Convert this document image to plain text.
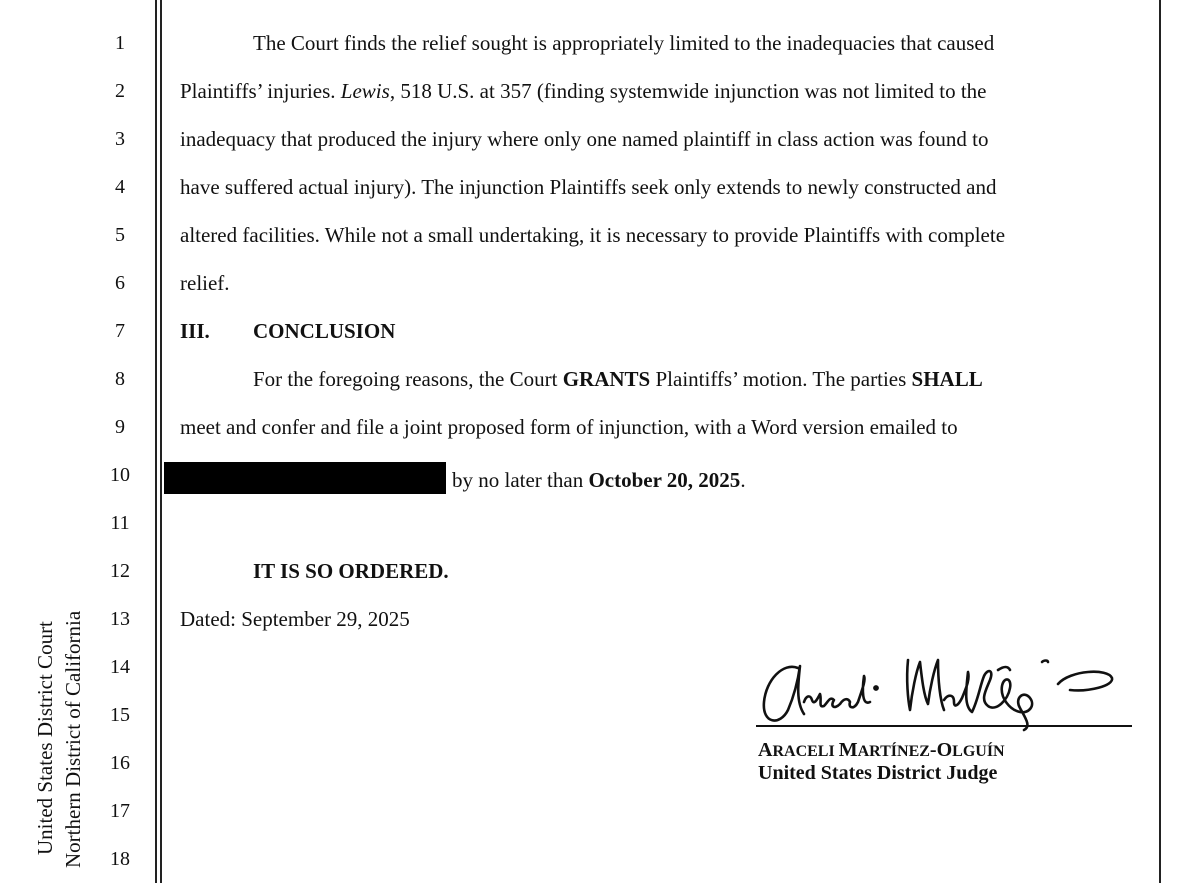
1
2
3
4
5
6
7
8
9
10
11
12
13
14
15
16
17
18
United States District Court Northern District of California
The Court finds the relief sought is appropriately limited to the inadequacies that caused
Plaintiffs’ injuries. Lewis, 518 U.S. at 357 (finding systemwide injunction was not limited to the
inadequacy that produced the injury where only one named plaintiff in class action was found to
have suffered actual injury). The injunction Plaintiffs seek only extends to newly constructed and
altered facilities. While not a small undertaking, it is necessary to provide Plaintiffs with complete
relief.
III. CONCLUSION
For the foregoing reasons, the Court GRANTS Plaintiffs’ motion. The parties SHALL
meet and confer and file a joint proposed form of injunction, with a Word version emailed to
by no later than October 20, 2025.
IT IS SO ORDERED.
Dated: September 29, 2025
ARACELI MARTÍNEZ-OLGUÍN
United States District Judge
